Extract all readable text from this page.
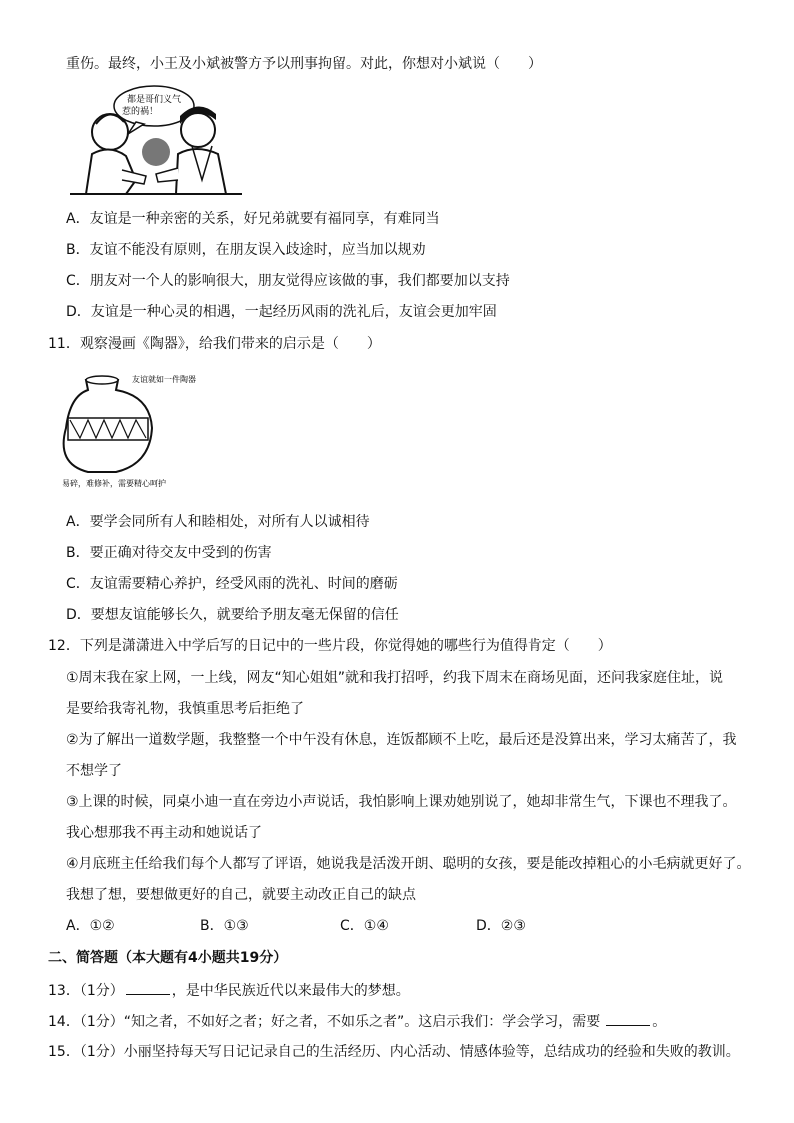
重伤。最终，小王及小斌被警方予以刑事拘留。对此，你想对小斌说（　　）
都是哥们义气
惹的祸！
A．友谊是一种亲密的关系，好兄弟就要有福同享，有难同当
B．友谊不能没有原则，在朋友误入歧途时，应当加以规劝
C．朋友对一个人的影响很大，朋友觉得应该做的事，我们都要加以支持
D．友谊是一种心灵的相遇，一起经历风雨的洗礼后，友谊会更加牢固
11．观察漫画《陶器》，给我们带来的启示是（　　）
友谊就如一件陶器
易碎，难修补，需要精心呵护
A．要学会同所有人和睦相处，对所有人以诚相待
B．要正确对待交友中受到的伤害
C．友谊需要精心养护，经受风雨的洗礼、时间的磨砺
D．要想友谊能够长久，就要给予朋友毫无保留的信任
12．下列是潇潇进入中学后写的日记中的一些片段，你觉得她的哪些行为值得肯定（　　）
①周末我在家上网，一上线，网友“知心姐姐”就和我打招呼，约我下周末在商场见面，还问我家庭住址，说
是要给我寄礼物，我慎重思考后拒绝了
②为了解出一道数学题，我整整一个中午没有休息，连饭都顾不上吃，最后还是没算出来，学习太痛苦了，我
不想学了
③上课的时候，同桌小迪一直在旁边小声说话，我怕影响上课劝她别说了，她却非常生气，下课也不理我了。
我心想那我不再主动和她说话了
④月底班主任给我们每个人都写了评语，她说我是活泼开朗、聪明的女孩，要是能改掉粗心的小毛病就更好了。
我想了想，要想做更好的自己，就要主动改正自己的缺点
A．①②	B．①③	C．①④	D．②③
二、简答题（本大题有4小题共19分）
13．（1分）	，是中华民族近代以来最伟大的梦想。
14．（1分）“知之者，不如好之者；好之者，不如乐之者”。这启示我们：学会学习，需要	。
15．（1分）小丽坚持每天写日记记录自己的生活经历、内心活动、情感体验等，总结成功的经验和失败的教训。
